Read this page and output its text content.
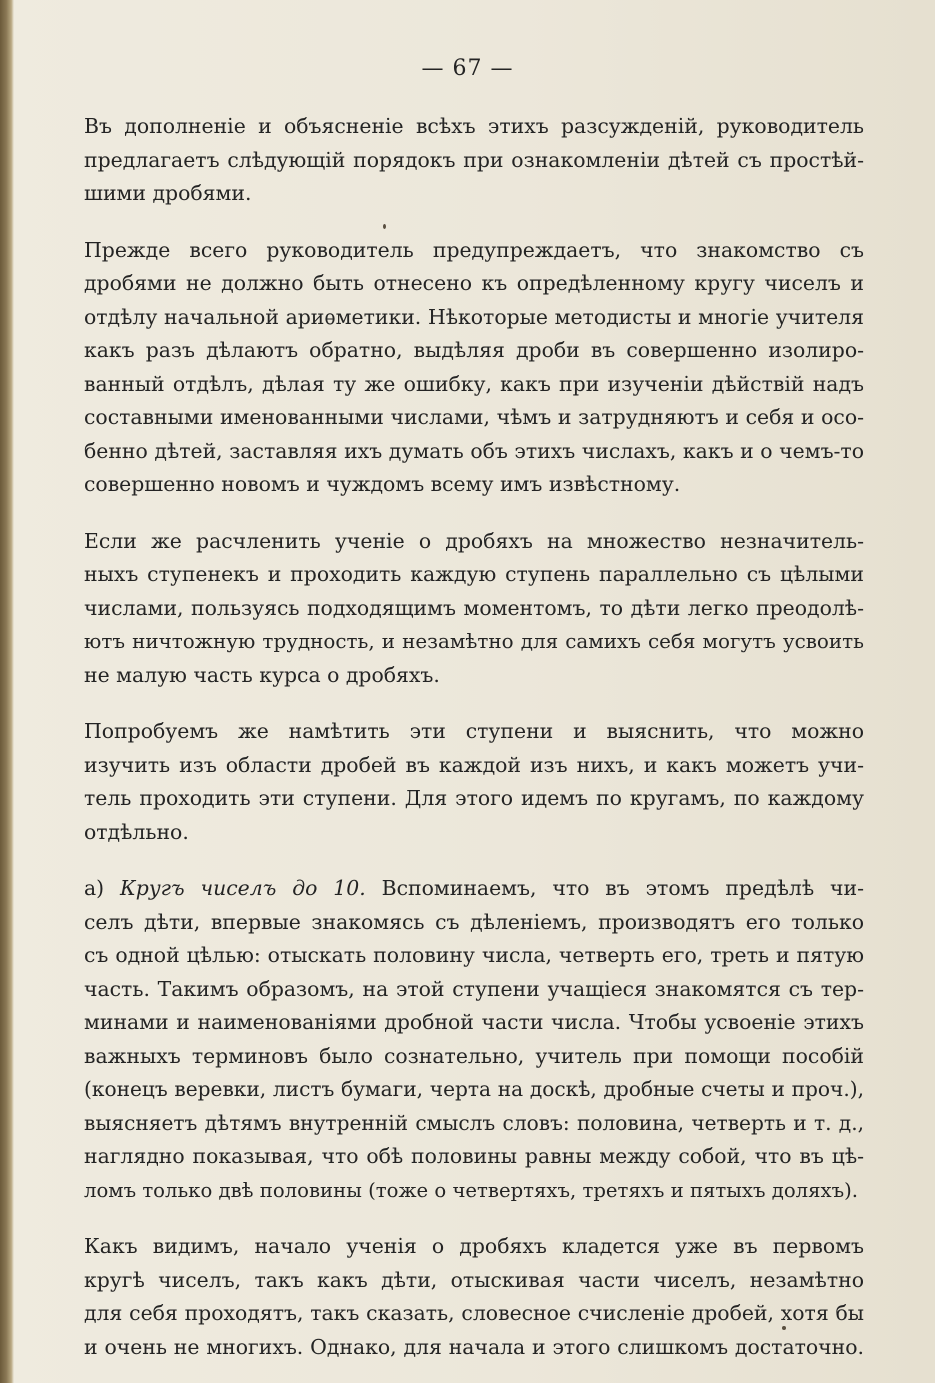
— 67 —
Въ дополненіе и объясненіе всѣхъ этихъ разсужденій, руководитель
предлагаетъ слѣдующій порядокъ при ознакомленіи дѣтей съ простѣй-
шими дробями.
Прежде всего руководитель предупреждаетъ, что знакомство съ
дробями не должно быть отнесено къ опредѣленному кругу чиселъ и
отдѣлу начальной ариѳметики. Нѣкоторые методисты и многіе учителя
какъ разъ дѣлаютъ обратно, выдѣляя дроби въ совершенно изолиро-
ванный отдѣлъ, дѣлая ту же ошибку, какъ при изученіи дѣйствій надъ
составными именованными числами, чѣмъ и затрудняютъ и себя и осо-
бенно дѣтей, заставляя ихъ думать объ этихъ числахъ, какъ и о чемъ-то
совершенно новомъ и чуждомъ всему имъ извѣстному.
Если же расчленить ученіе о дробяхъ на множество незначитель-
ныхъ ступенекъ и проходить каждую ступень параллельно съ цѣлыми
числами, пользуясь подходящимъ моментомъ, то дѣти легко преодолѣ-
ютъ ничтожную трудность, и незамѣтно для самихъ себя могутъ усвоить
не малую часть курса о дробяхъ.
Попробуемъ же намѣтить эти ступени и выяснить, что можно
изучить изъ области дробей въ каждой изъ нихъ, и какъ можетъ учи-
тель проходить эти ступени. Для этого идемъ по кругамъ, по каждому
отдѣльно.
а) Кругъ чиселъ до 10. Вспоминаемъ, что въ этомъ предѣлѣ чи-
селъ дѣти, впервые знакомясь съ дѣленіемъ, производятъ его только
съ одной цѣлью: отыскать половину числа, четверть его, треть и пятую
часть. Такимъ образомъ, на этой ступени учащіеся знакомятся съ тер-
минами и наименованіями дробной части числа. Чтобы усвоеніе этихъ
важныхъ терминовъ было сознательно, учитель при помощи пособій
(конецъ веревки, листъ бумаги, черта на доскѣ, дробные счеты и проч.),
выясняетъ дѣтямъ внутренній смыслъ словъ: половина, четверть и т. д.,
наглядно показывая, что обѣ половины равны между собой, что въ цѣ-
ломъ только двѣ половины (тоже о четвертяхъ, третяхъ и пятыхъ доляхъ).
Какъ видимъ, начало ученія о дробяхъ кладется уже въ первомъ
кругѣ чиселъ, такъ какъ дѣти, отыскивая части чиселъ, незамѣтно
для себя проходятъ, такъ сказать, словесное счисленіе дробей, хотя бы
и очень не многихъ. Однако, для начала и этого слишкомъ достаточно.
